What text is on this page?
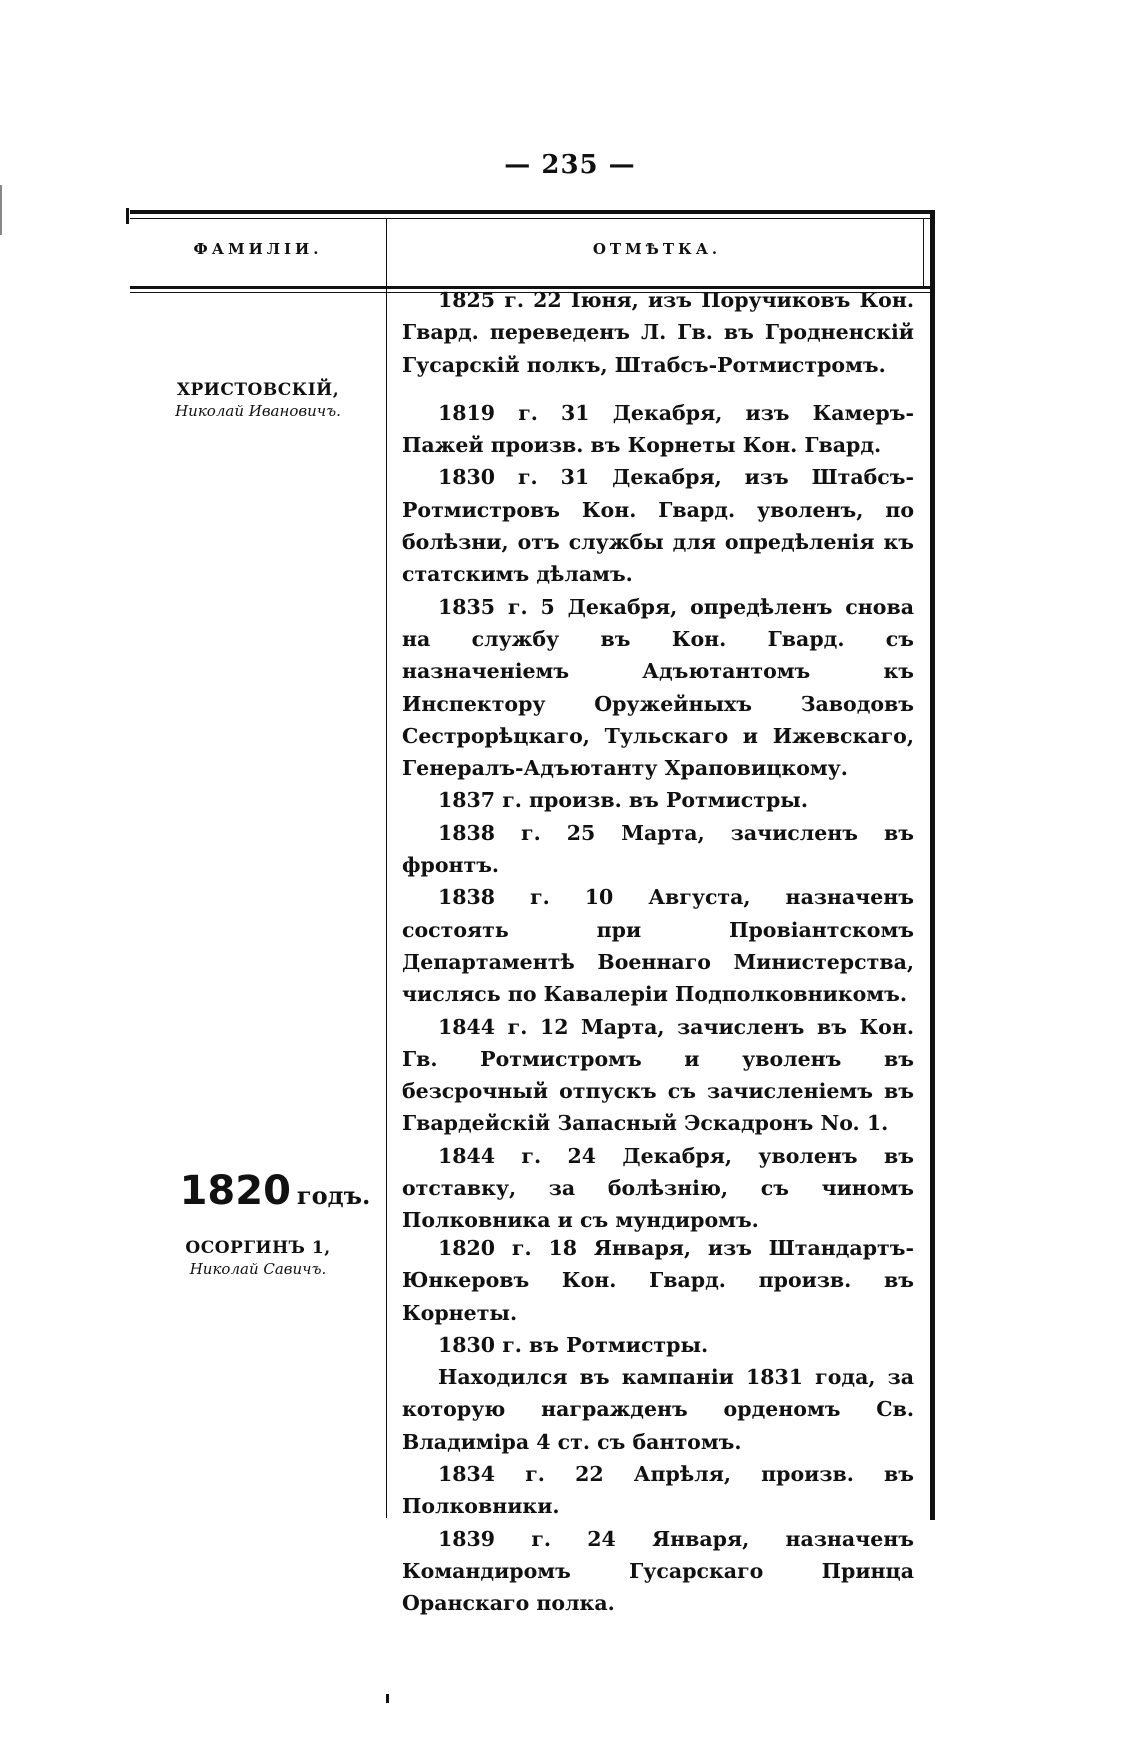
— 235 —
ФАМИЛІИ.	ОТМѢТКА.
ХРИСТОВСКІЙ,
Николай Ивановичъ.

1825 г. 22 Іюня, изъ Поручиковъ Кон. Гвард. переведенъ Л. Гв. въ Гродненскій Гусарскій полкъ, Штабсъ-Ротмистромъ.

1819 г. 31 Декабря, изъ Камеръ-Пажей произв. въ Корнеты Кон. Гвард.

1830 г. 31 Декабря, изъ Штабсъ-Ротмистровъ Кон. Гвард. уволенъ, по болѣзни, отъ службы для опредѣленія къ статскимъ дѣламъ.

1835 г. 5 Декабря, опредѣленъ снова на службу въ Кон. Гвард. съ назначеніемъ Адъютантомъ къ Инспектору Оружейныхъ Заводовъ Сестрорѣцкаго, Тульскаго и Ижевскаго, Генералъ-Адъютанту Храповицкому.

1837 г. произв. въ Ротмистры.

1838 г. 25 Марта, зачисленъ въ фронтъ.

1838 г. 10 Августа, назначенъ состоять при Провіантскомъ Департаментѣ Военнаго Министерства, числясь по Кавалеріи Подполковникомъ.

1844 г. 12 Марта, зачисленъ въ Кон. Гв. Ротмистромъ и уволенъ въ безсрочный отпускъ съ зачисленіемъ въ Гвардейскій Запасный Эскадронъ No. 1.

1844 г. 24 Декабря, уволенъ въ отставку, за болѣзнію, съ чиномъ Полковника и съ мундиромъ.

1820 годъ.
ОСОРГИНЪ 1,
Николай Савичъ.

1820 г. 18 Января, изъ Штандартъ-Юнкеровъ Кон. Гвард. произв. въ Корнеты.

1830 г. въ Ротмистры.

Находился въ кампаніи 1831 года, за которую награжденъ орденомъ Св. Владиміра 4 ст. съ бантомъ.

1834 г. 22 Апрѣля, произв. въ Полковники.

1839 г. 24 Января, назначенъ Командиромъ Гусарскаго Принца Оранскаго полка.
